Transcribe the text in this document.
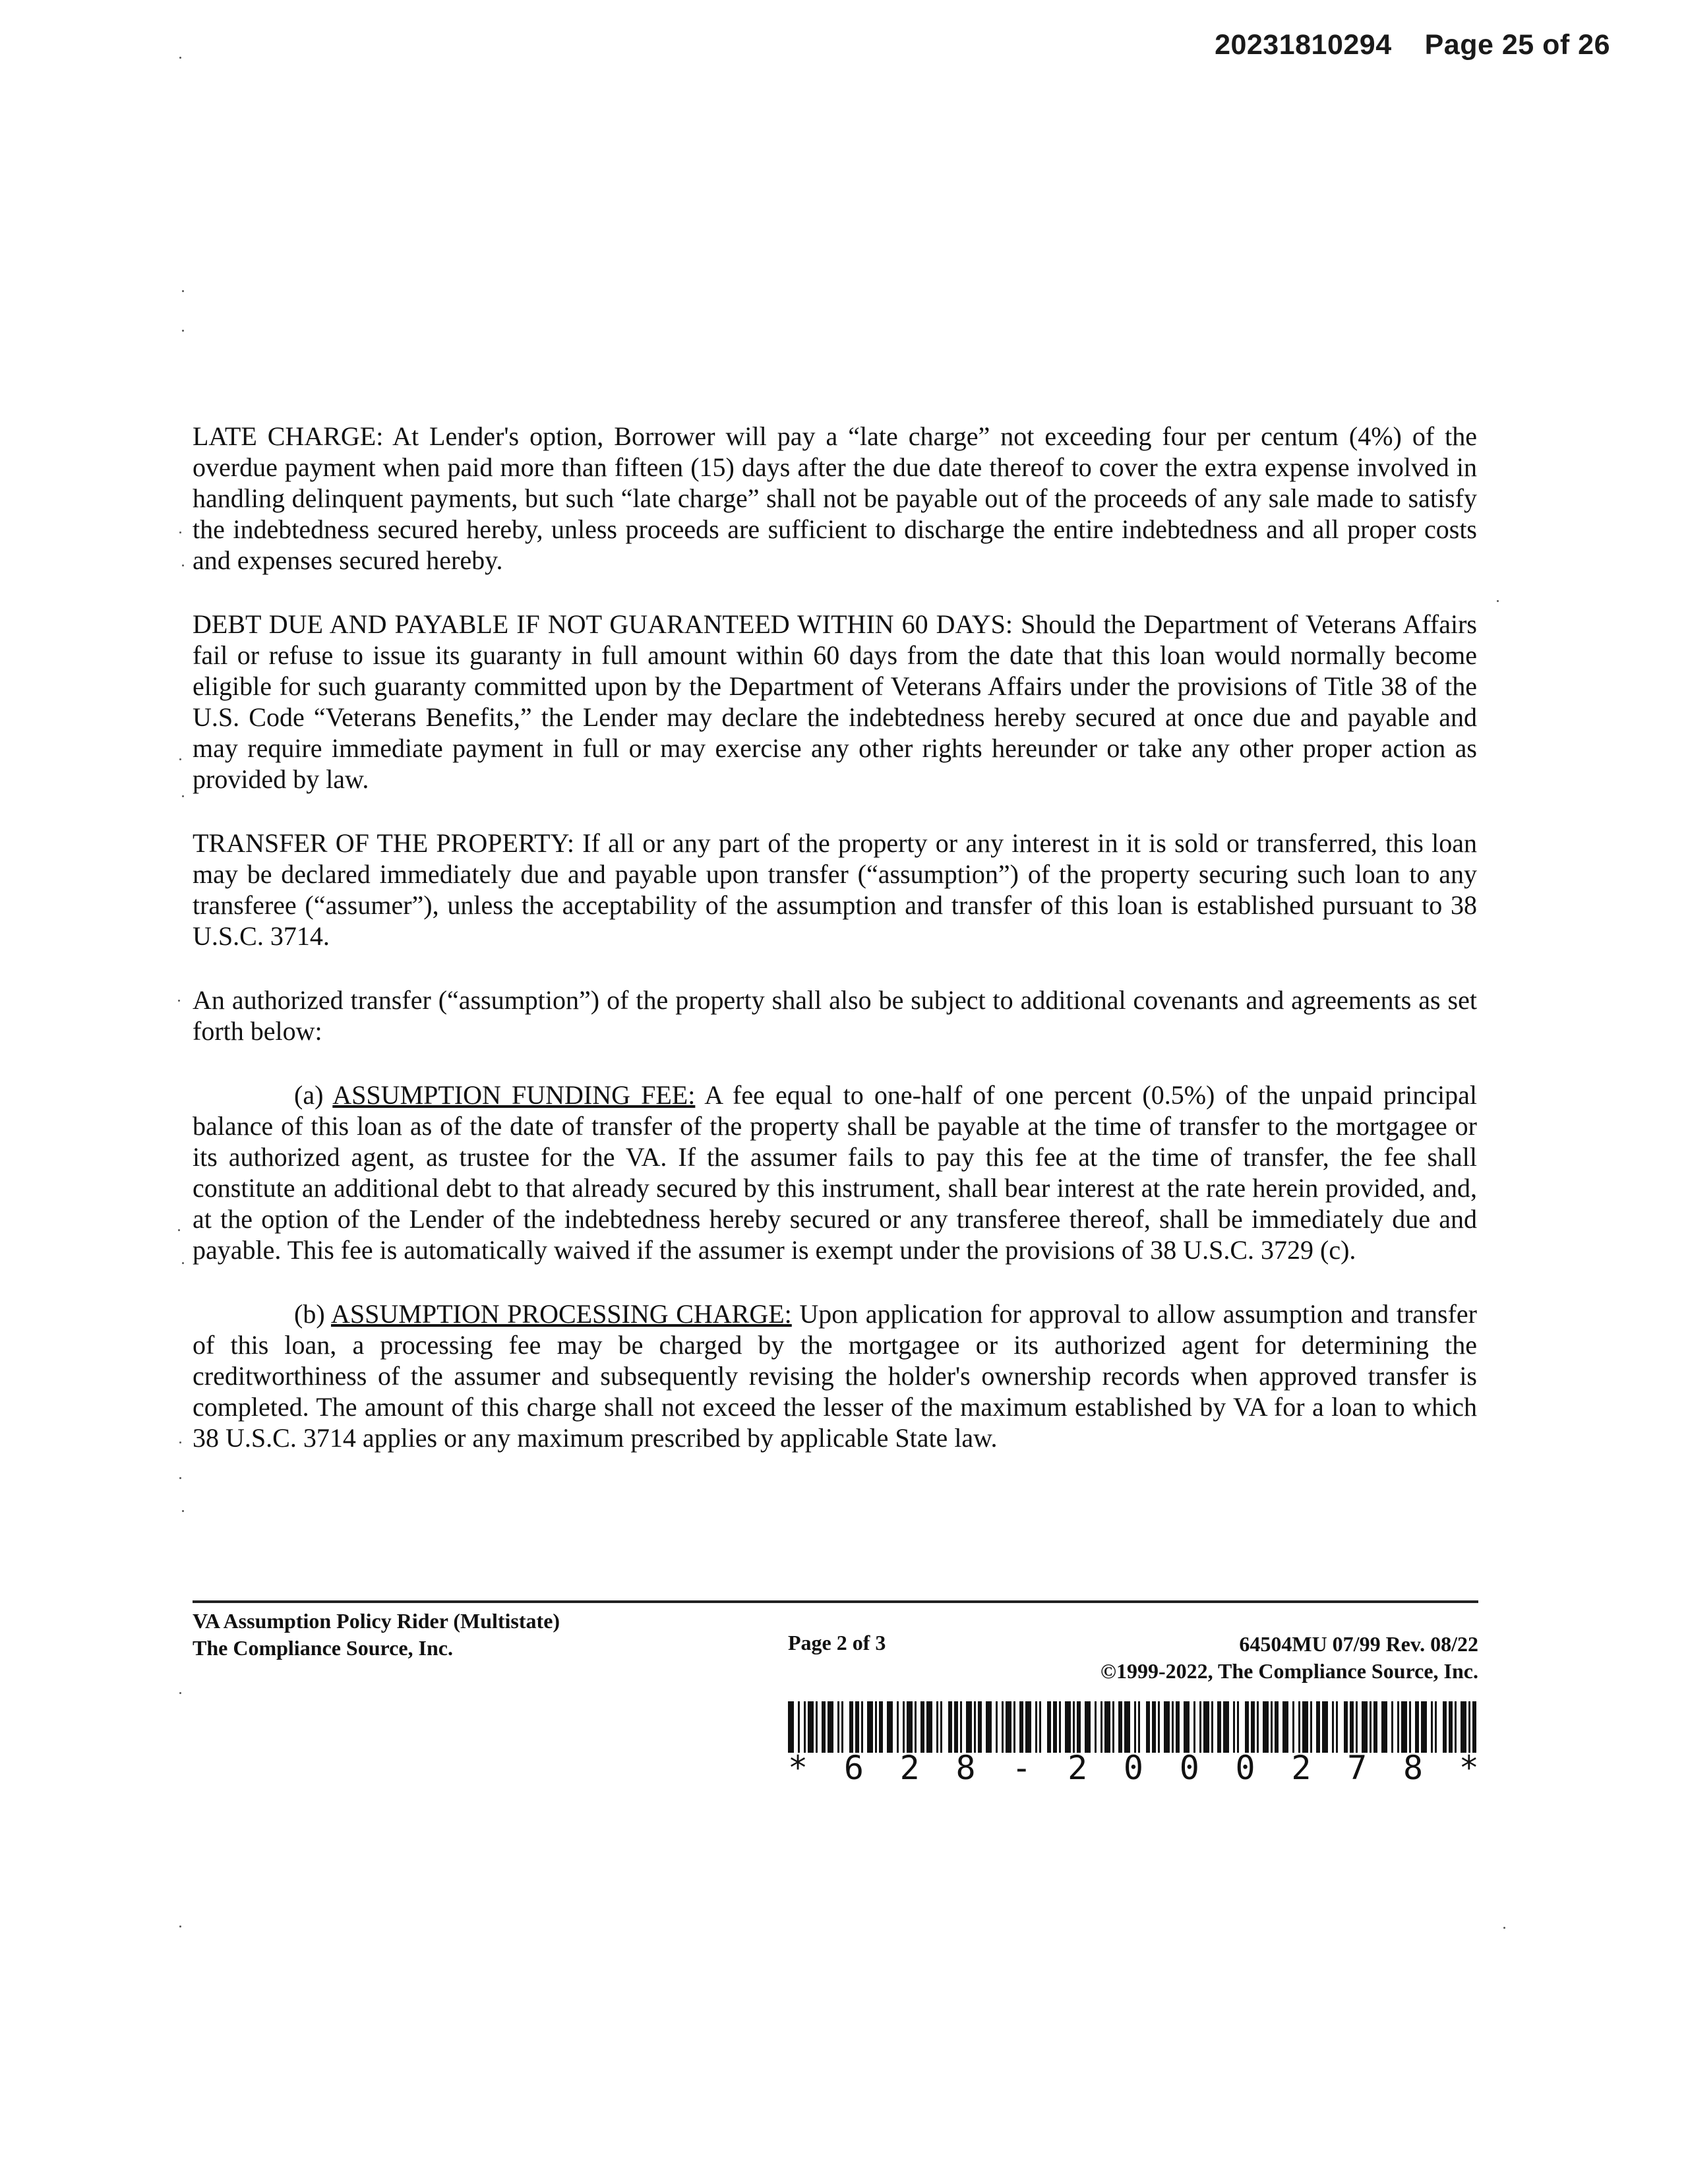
20231810294 Page 25 of 26

LATE CHARGE: At Lender's option, Borrower will pay a “late charge” not exceeding four per centum (4%) of the overdue payment when paid more than fifteen (15) days after the due date thereof to cover the extra expense involved in handling delinquent payments, but such “late charge” shall not be payable out of the proceeds of any sale made to satisfy the indebtedness secured hereby, unless proceeds are sufficient to discharge the entire indebtedness and all proper costs and expenses secured hereby.

DEBT DUE AND PAYABLE IF NOT GUARANTEED WITHIN 60 DAYS: Should the Department of Veterans Affairs fail or refuse to issue its guaranty in full amount within 60 days from the date that this loan would normally become eligible for such guaranty committed upon by the Department of Veterans Affairs under the provisions of Title 38 of the U.S. Code “Veterans Benefits,” the Lender may declare the indebtedness hereby secured at once due and payable and may require immediate payment in full or may exercise any other rights hereunder or take any other proper action as provided by law.

TRANSFER OF THE PROPERTY: If all or any part of the property or any interest in it is sold or transferred, this loan may be declared immediately due and payable upon transfer (“assumption”) of the property securing such loan to any transferee (“assumer”), unless the acceptability of the assumption and transfer of this loan is established pursuant to 38 U.S.C. 3714.

An authorized transfer (“assumption”) of the property shall also be subject to additional covenants and agreements as set forth below:

(a) ASSUMPTION FUNDING FEE: A fee equal to one-half of one percent (0.5%) of the unpaid principal balance of this loan as of the date of transfer of the property shall be payable at the time of transfer to the mortgagee or its authorized agent, as trustee for the VA. If the assumer fails to pay this fee at the time of transfer, the fee shall constitute an additional debt to that already secured by this instrument, shall bear interest at the rate herein provided, and, at the option of the Lender of the indebtedness hereby secured or any transferee thereof, shall be immediately due and payable. This fee is automatically waived if the assumer is exempt under the provisions of 38 U.S.C. 3729 (c).

(b) ASSUMPTION PROCESSING CHARGE: Upon application for approval to allow assumption and transfer of this loan, a processing fee may be charged by the mortgagee or its authorized agent for determining the creditworthiness of the assumer and subsequently revising the holder's ownership records when approved transfer is completed. The amount of this charge shall not exceed the lesser of the maximum established by VA for a loan to which 38 U.S.C. 3714 applies or any maximum prescribed by applicable State law.

VA Assumption Policy Rider (Multistate)
The Compliance Source, Inc.	Page 2 of 3	64504MU 07/99 Rev. 08/22
©1999-2022, The Compliance Source, Inc.
* 6 2 8 - 2 0 0 0 2 7 8 *
